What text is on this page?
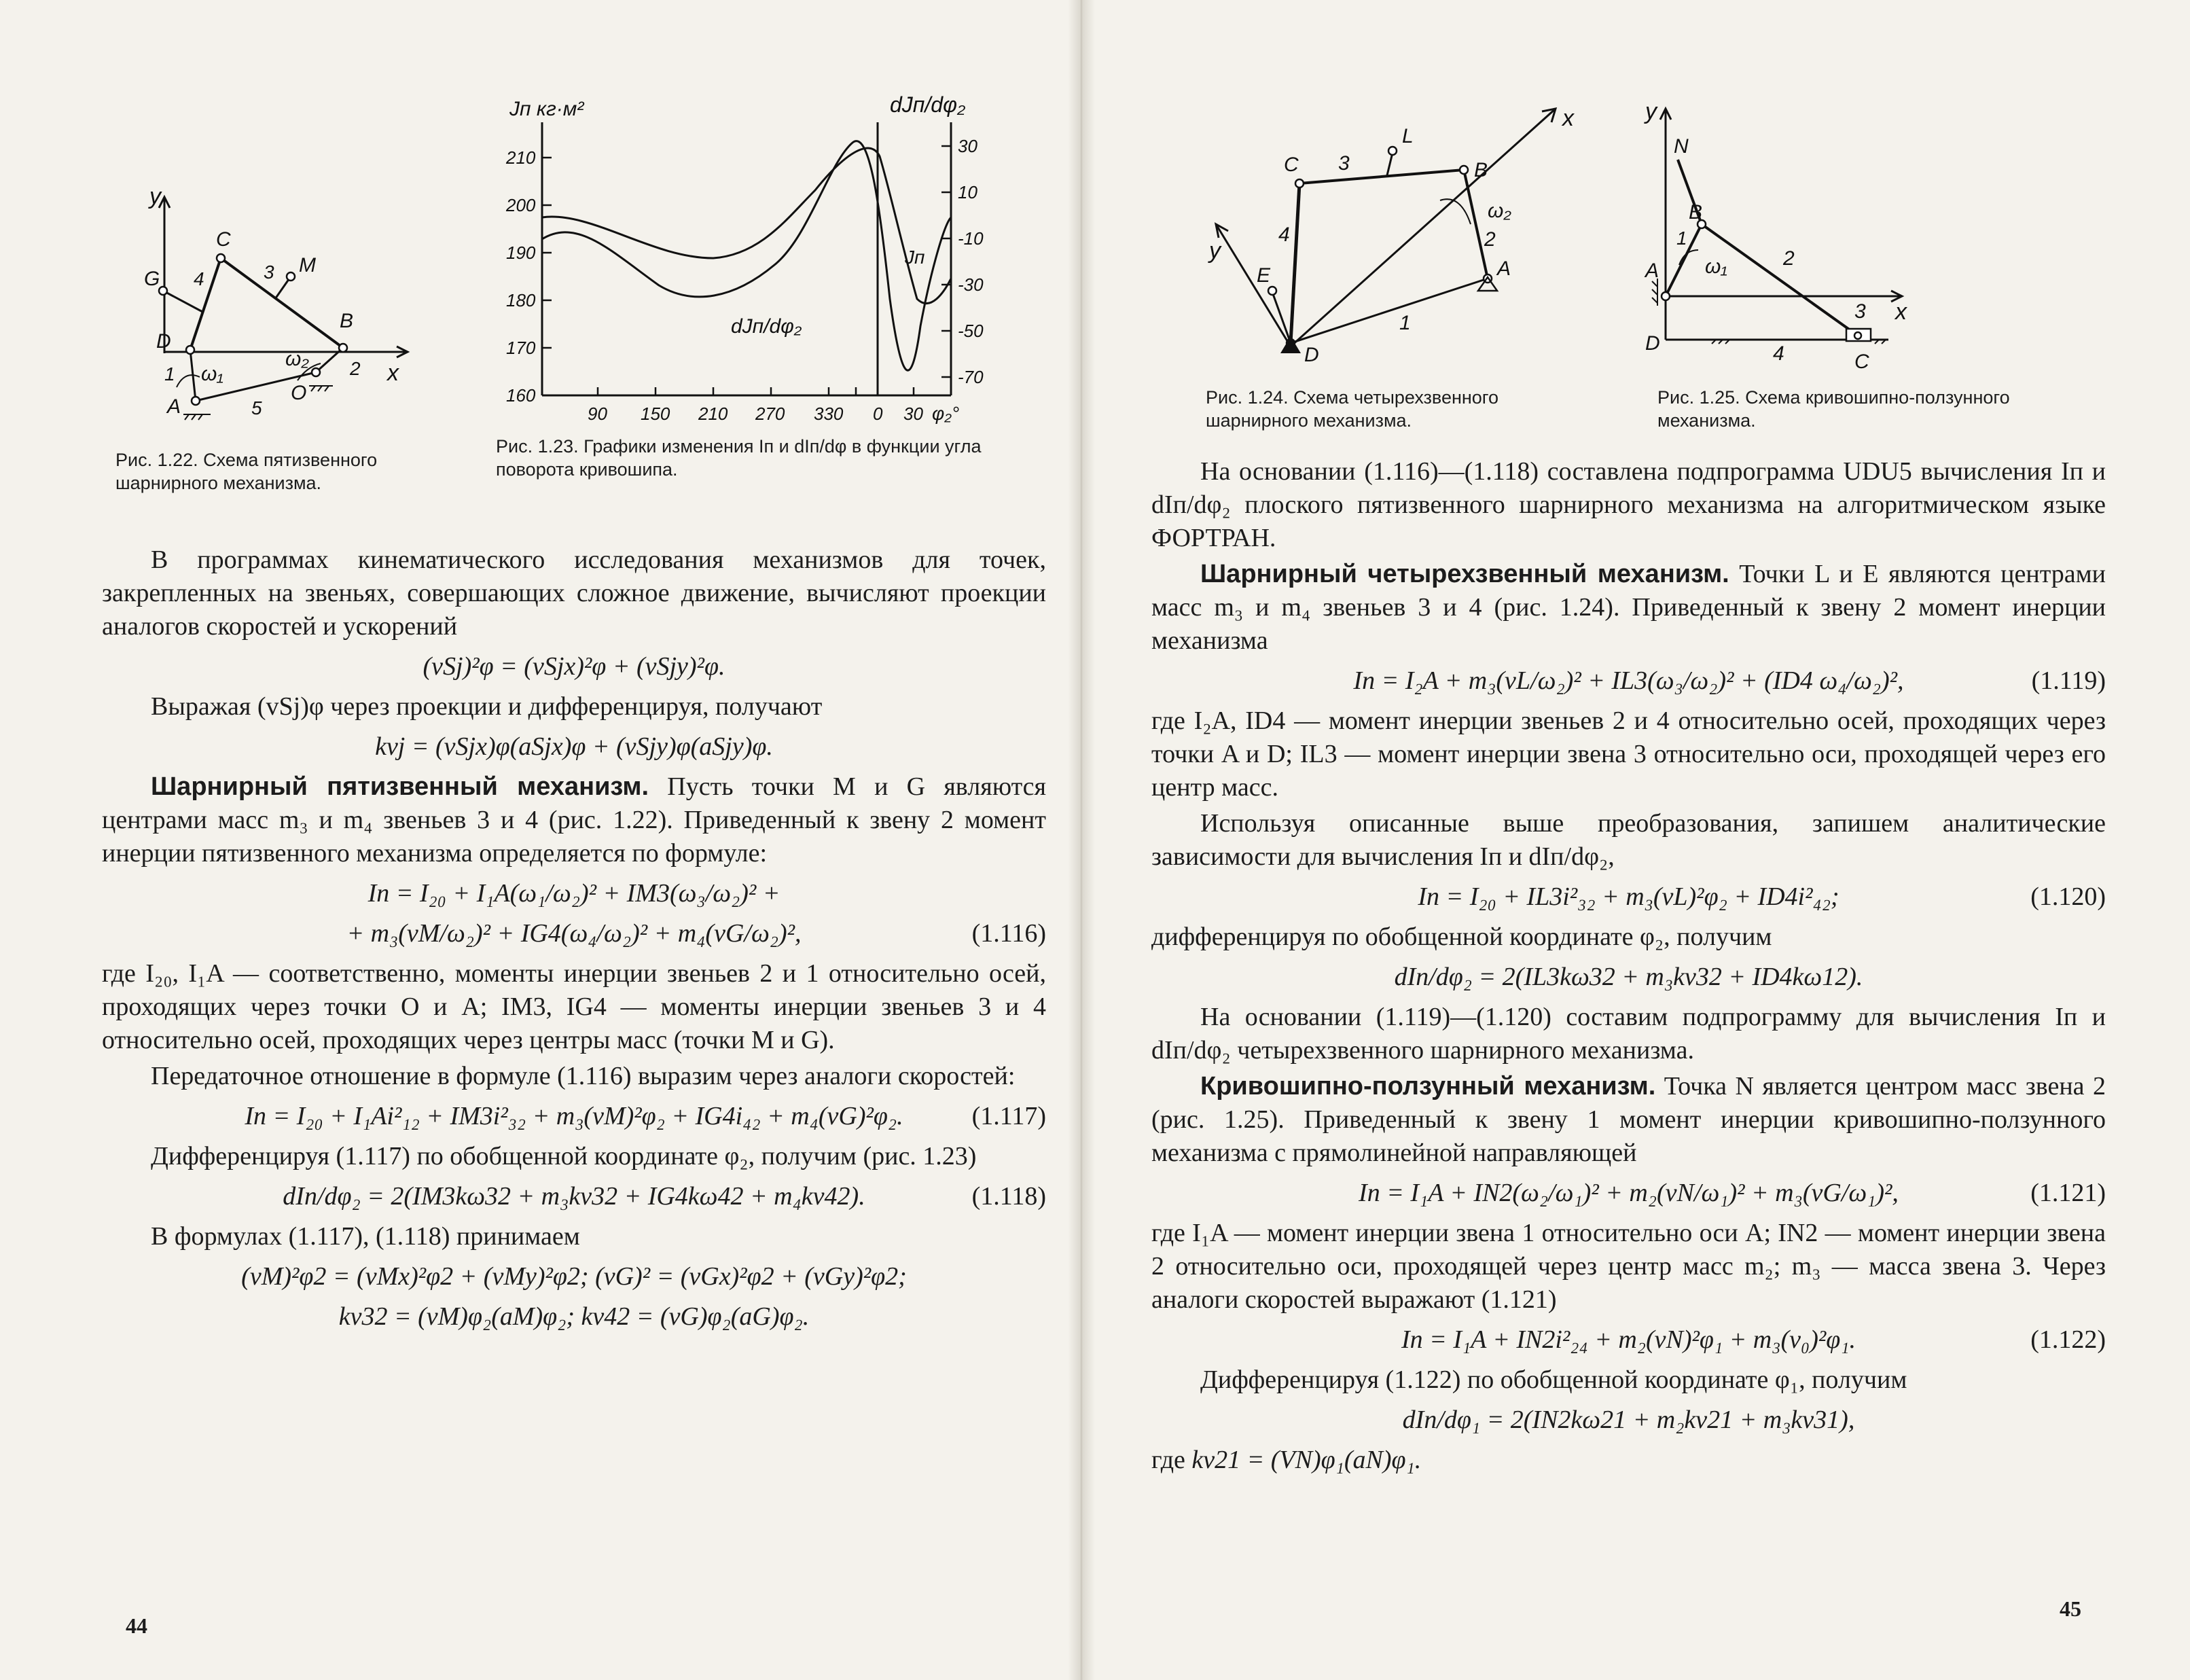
y
G
C
M
B
D
x
A
O
1	2
3
4
5
ω₁
ω₂
Рис. 1.22. Схема пятизвенного шарнирного механизма.
Jп кг·м²	dJп/dφ₂
Jп
dJп/dφ₂
φ₂°
210
200
190
180
170
160
30
10
-10
-30
-50
-70
90 150 210 270 330 0 30
Рис. 1.23. Графики изменения Iп и dIп/dφ в функции угла поворота кривошипа.

В программах кинематического исследования механизмов для точек, закрепленных на звеньях, совершающих сложное движение, вычисляют проекции аналогов скоростей и ускорений

(vSj)²φ = (vSjx)²φ + (vSjy)²φ.

Выражая (vSj)φ через проекции и дифференцируя, получают

kvj = (vSjx)φ(aSjx)φ + (vSjy)φ(aSjy)φ.

Шарнирный пятизвенный механизм. Пусть точки M и G являются центрами масс m₃ и m₄ звеньев 3 и 4 (рис. 1.22). Приведенный к звену 2 момент инерции пятизвенного механизма определяется по формуле:

Iп = I₂₀ + I₁A(ω₁/ω₂)² + IM3(ω₃/ω₂)² +
+ m₃(vM/ω₂)² + IG4(ω₄/ω₂)² + m₄(vG/ω₂)²,	(1.116)

где I₂₀, I₁A — соответственно, моменты инерции звеньев 2 и 1 относительно осей, проходящих через точки O и A; IM3, IG4 — моменты инерции звеньев 3 и 4 относительно осей, проходящих через центры масс (точки M и G).

Передаточное отношение в формуле (1.116) выразим через аналоги скоростей:

Iп = I₂₀ + I₁Ai²₁₂ + IM3i²₃₂ + m₃(vM)²φ₂ + IG4i₄₂ + m₄(vG)²φ₂.	(1.117)

Дифференцируя (1.117) по обобщенной координате φ₂, получим (рис. 1.23)

dIп/dφ₂ = 2(IM3kω32 + m₃kv32 + IG4kω42 + m₄kv42).	(1.118)

В формулах (1.117), (1.118) принимаем

(vM)²φ2 = (vMx)²φ2 + (vMy)²φ2; (vG)² = (vGx)²φ2 + (vGy)²φ2;
kv32 = (vM)φ₂(aM)φ₂; kv42 = (vG)φ₂(aG)φ₂.
44
C 3
L
B
x
ω₂
4	2
y
E	A
1
D
Рис. 1.24. Схема четырехзвенного шарнирного механизма.
y
N
B
A
1
ω₁	2
3 x
D	4	C
Рис. 1.25. Схема кривошипно-ползунного механизма.

На основании (1.116)—(1.118) составлена подпрограмма UDU5 вычисления Iп и dIп/dφ₂ плоского пятизвенного шарнирного механизма на алгоритмическом языке ФОРТРАН.

Шарнирный четырехзвенный механизм. Точки L и E являются центрами масс m₃ и m₄ звеньев 3 и 4 (рис. 1.24). Приведенный к звену 2 момент инерции механизма

Iп = I₂A + m₃(vL/ω₂)² + IL3(ω₃/ω₂)² + (ID4 ω₄/ω₂)²,	(1.119)

где I₂A, ID4 — момент инерции звеньев 2 и 4 относительно осей, проходящих через точки A и D; IL3 — момент инерции звена 3 относительно оси, проходящей через его центр масс.

Используя описанные выше преобразования, запишем аналитические зависимости для вычисления Iп и dIп/dφ₂,

Iп = I₂₀ + IL3i²₃₂ + m₃(vL)²φ₂ + ID4i²₄₂;	(1.120)

дифференцируя по обобщенной координате φ₂, получим

dIп/dφ₂ = 2(IL3kω32 + m₃kv32 + ID4kω12).

На основании (1.119)—(1.120) составим подпрограмму для вычисления Iп и dIп/dφ₂ четырехзвенного шарнирного механизма.

Кривошипно-ползунный механизм. Точка N является центром масс звена 2 (рис. 1.25). Приведенный к звену 1 момент инерции кривошипно-ползунного механизма с прямолинейной направляющей

Iп = I₁A + IN2(ω₂/ω₁)² + m₂(vN/ω₁)² + m₃(vG/ω₁)²,	(1.121)

где I₁A — момент инерции звена 1 относительно оси A; IN2 — момент инерции звена 2 относительно оси, проходящей через центр масс m₂; m₃ — масса звена 3. Через аналоги скоростей выражают (1.121)

Iп = I₁A + IN2i²₂₄ + m₂(vN)²φ₁ + m₃(v₀)²φ₁.	(1.122)

Дифференцируя (1.122) по обобщенной координате φ₁, получим

dIп/dφ₁ = 2(IN2kω21 + m₂kv21 + m₃kv31),

где kv21 = (VN)φ₁(aN)φ₁.

45
